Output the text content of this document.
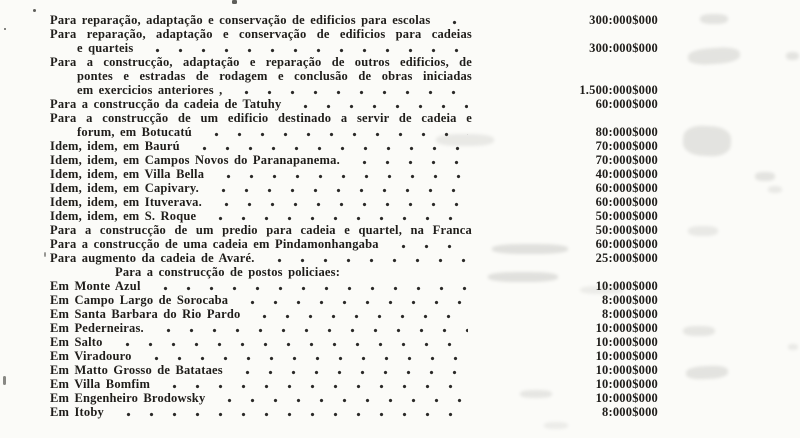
Para reparação, adaptação e conservação de edificios para escolas	300:000$000
Para reparação, adaptação e conservação de edificios para cadeias
e quarteis	300:000$000
Para a construcção, adaptação e reparação de outros edificios, de
pontes e estradas de rodagem e conclusão de obras iniciadas
em exercicios anteriores ,	1.500:000$000
Para a construcção da cadeia de Tatuhy	60:000$000
Para a construcção de um edificio destinado a servir de cadeia e
forum, em Botucatú	80:000$000
Idem, idem, em Baurú	70:000$000
Idem, idem, em Campos Novos do Paranapanema.	70:000$000
Idem, idem, em Villa Bella	40:000$000
Idem, idem, em Capivary.	60:000$000
Idem, idem, em Ituverava.	60:000$000
Idem, idem, em S. Roque	50:000$000
Para a construcção de um predio para cadeia e quartel, na Franca	50:000$000
Para a construcção de uma cadeia em Pindamonhangaba	60:000$000
Para augmento da cadeia de Avaré.	25:000$000
Para a construcção de postos policiaes:
Em Monte Azul	10:000$000
Em Campo Largo de Sorocaba	8:000$000
Em Santa Barbara do Rio Pardo	8:000$000
Em Pederneiras.	10:000$000
Em Salto	10:000$000
Em Viradouro	10:000$000
Em Matto Grosso de Batataes	10:000$000
Em Villa Bomfim	10:000$000
Em Engenheiro Brodowsky	10:000$000
Em Itoby	8:000$000
